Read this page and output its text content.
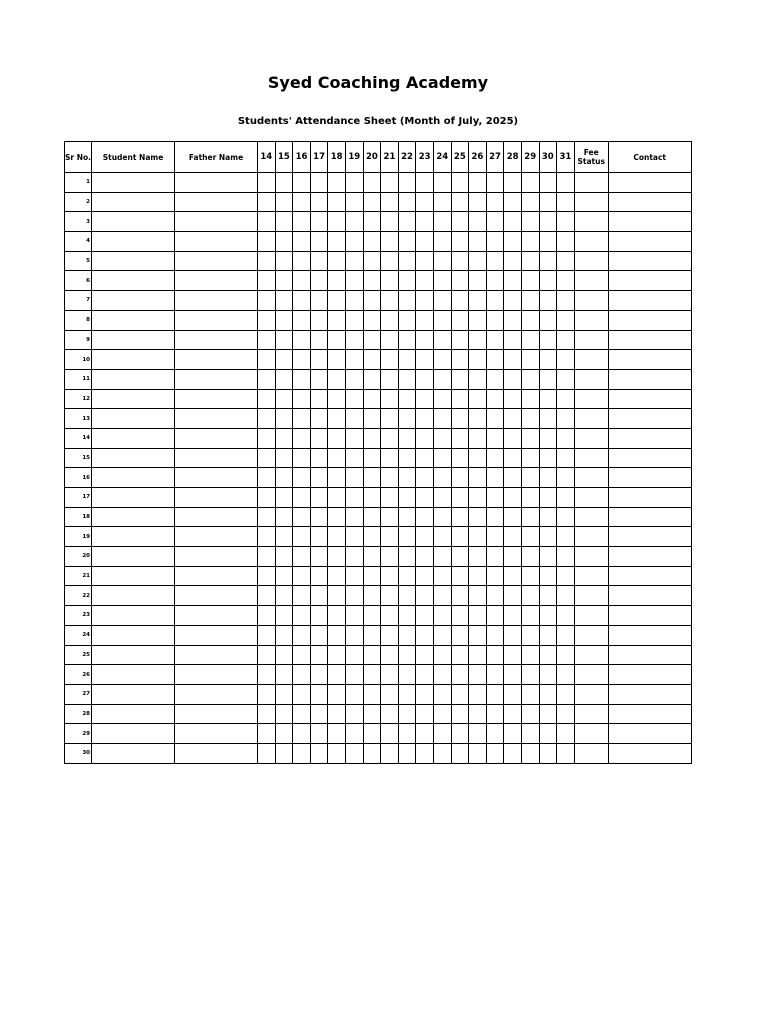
Syed Coaching Academy
Students' Attendance Sheet (Month of July, 2025)
Sr No.	Student Name	Father Name	14	15	16	17	18	19	20	21	22	23	24	25	26	27	28	29	30	31	Fee Status	Contact
1																						
2																						
3																						
4																						
5																						
6																						
7																						
8																						
9																						
10																						
11																						
12																						
13																						
14																						
15																						
16																						
17																						
18																						
19																						
20																						
21																						
22																						
23																						
24																						
25																						
26																						
27																						
28																						
29																						
30																						
